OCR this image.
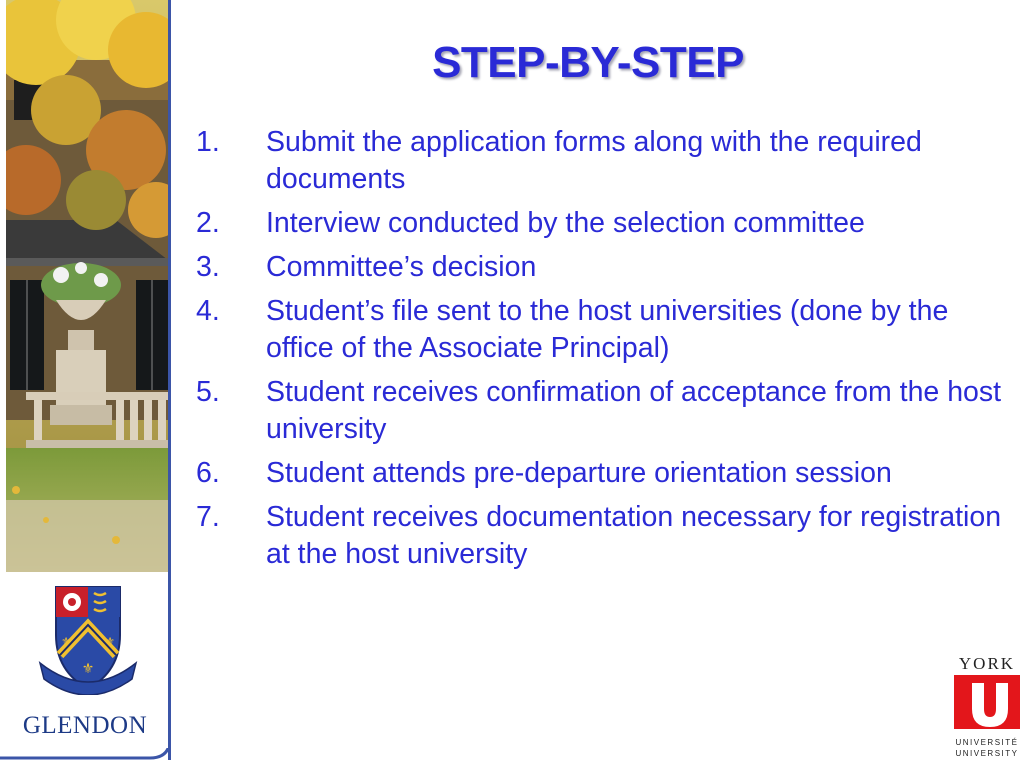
⚜
⚜	⚜
GLENDON
STEP-BY-STEP
1.	Submit the application forms along with the required documents
2.	Interview conducted by the selection committee
3.	Committee’s decision
4.	Student’s file sent to the host universities (done by the office of the Associate Principal)
5.	Student receives confirmation of acceptance from the host university
6.	Student attends pre-departure orientation session
7.	Student receives documentation necessary for registration at the host university
YORK
UNIVERSITÉ
UNIVERSITY
